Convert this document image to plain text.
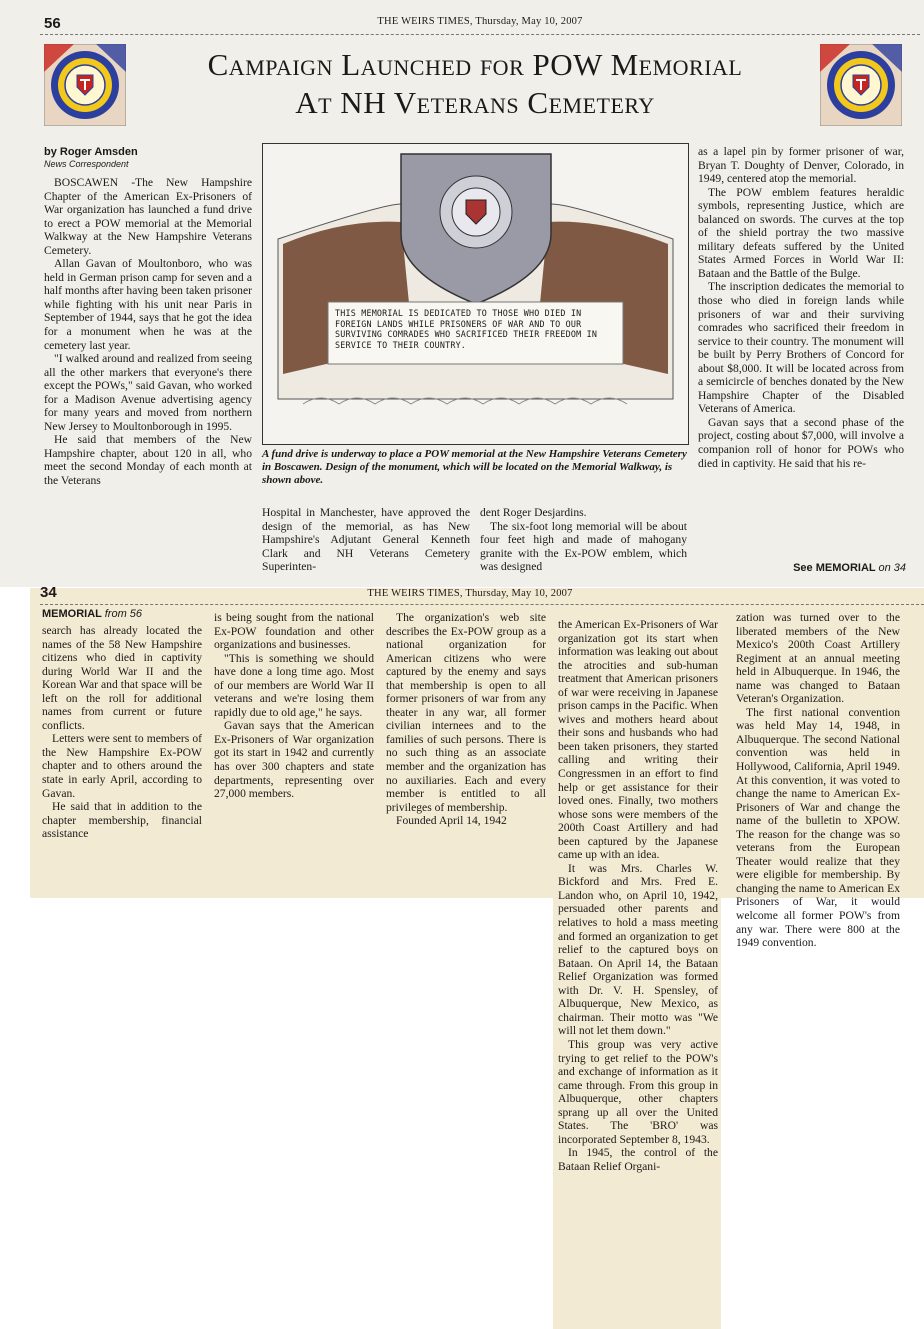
56	THE WEIRS TIMES, Thursday, May 10, 2007
Campaign Launched for POW Memorial
At NH Veterans Cemetery
by Roger Amsden
News Correspondent

BOSCAWEN -The New Hampshire Chapter of the American Ex-Prisoners of War organization has launched a fund drive to erect a POW memorial at the Memorial Walkway at the New Hampshire Veterans Cemetery.

Allan Gavan of Moultonboro, who was held in German prison camp for seven and a half months after having been taken prisoner while fighting with his unit near Paris in September of 1944, says that he got the idea for a monument when he was at the cemetery last year.

"I walked around and realized from seeing all the other markers that everyone's there except the POWs," said Gavan, who worked for a Madison Avenue advertising agency for many years and moved from northern New Jersey to Moultonborough in 1995.

He said that members of the New Hampshire chapter, about 120 in all, who meet the second Monday of each month at the Veterans

THIS MEMORIAL IS DEDICATED TO THOSE WHO DIED IN FOREIGN LANDS WHILE PRISONERS OF WAR AND TO OUR SURVIVING COMRADES WHO SACRIFICED THEIR FREEDOM IN SERVICE TO THEIR COUNTRY.
A fund drive is underway to place a POW memorial at the New Hampshire Veterans Cemetery in Boscawen. Design of the monument, which will be located on the Memorial Walkway, is shown above.

Hospital in Manchester, have approved the design of the memorial, as has New Hampshire's Adjutant General Kenneth Clark and NH Veterans Cemetery Superinten-

dent Roger Desjardins.

The six-foot long memorial will be about four feet high and made of mahogany granite with the Ex-POW emblem, which was designed

as a lapel pin by former prisoner of war, Bryan T. Doughty of Denver, Colorado, in 1949, centered atop the memorial.

The POW emblem features heraldic symbols, representing Justice, which are balanced on swords. The curves at the top of the shield portray the two massive military defeats suffered by the United States Armed Forces in World War II: Bataan and the Battle of the Bulge.

The inscription dedicates the memorial to those who died in foreign lands while prisoners of war and their surviving comrades who sacrificed their freedom in service to their country. The monument will be built by Perry Brothers of Concord for about $8,000. It will be located across from a semicircle of benches donated by the New Hampshire Chapter of the Disabled Veterans of America.

Gavan says that a second phase of the project, costing about $7,000, will involve a companion roll of honor for POWs who died in captivity. He said that his re-

See MEMORIAL on 34
34	THE WEIRS TIMES, Thursday, May 10, 2007
MEMORIAL from 56

search has already located the names of the 58 New Hampshire citizens who died in captivity during World War II and the Korean War and that space will be left on the roll for additional names from current or future conflicts.

Letters were sent to members of the New Hampshire Ex-POW chapter and to others around the state in early April, according to Gavan.

He said that in addition to the chapter membership, financial assistance

is being sought from the national Ex-POW foundation and other organizations and businesses.

"This is something we should have done a long time ago. Most of our members are World War II veterans and we're losing them rapidly due to old age," he says.

Gavan says that the American Ex-Prisoners of War organization got its start in 1942 and currently has over 300 chapters and state departments, representing over 27,000 members.

The organization's web site describes the Ex-POW group as a national organization for American citizens who were captured by the enemy and says that membership is open to all former prisoners of war from any theater in any war, all former civilian internees and to the families of such persons. There is no such thing as an associate member and the organization has no auxiliaries. Each and every member is entitled to all privileges of membership.

Founded April 14, 1942

the American Ex-Prisoners of War organization got its start when information was leaking out about the atrocities and sub-human treatment that American prisoners of war were receiving in Japanese prison camps in the Pacific. When wives and mothers heard about their sons and husbands who had been taken prisoners, they started calling and writing their Congressmen in an effort to find help or get assistance for their loved ones. Finally, two mothers whose sons were members of the 200th Coast Artillery and had been captured by the Japanese came up with an idea.

It was Mrs. Charles W. Bickford and Mrs. Fred E. Landon who, on April 10, 1942, persuaded other parents and relatives to hold a mass meeting and formed an organization to get relief to the captured boys on Bataan. On April 14, the Bataan Relief Organization was formed with Dr. V. H. Spensley, of Albuquerque, New Mexico, as chairman. Their motto was "We will not let them down."

This group was very active trying to get relief to the POW's and exchange of information as it came through. From this group in Albuquerque, other chapters sprang up all over the United States. The 'BRO' was incorporated September 8, 1943.

In 1945, the control of the Bataan Relief Organi-

zation was turned over to the liberated members of the New Mexico's 200th Coast Artillery Regiment at an annual meeting held in Albuquerque. In 1946, the name was changed to Bataan Veteran's Organization.

The first national convention was held May 14, 1948, in Albuquerque. The second National convention was held in Hollywood, California, April 1949. At this convention, it was voted to change the name to American Ex-Prisoners of War and change the name of the bulletin to XPOW. The reason for the change was so veterans from the European Theater would realize that they were eligible for membership. By changing the name to American Ex Prisoners of War, it would welcome all former POW's from any war. There were 800 at the 1949 convention.
